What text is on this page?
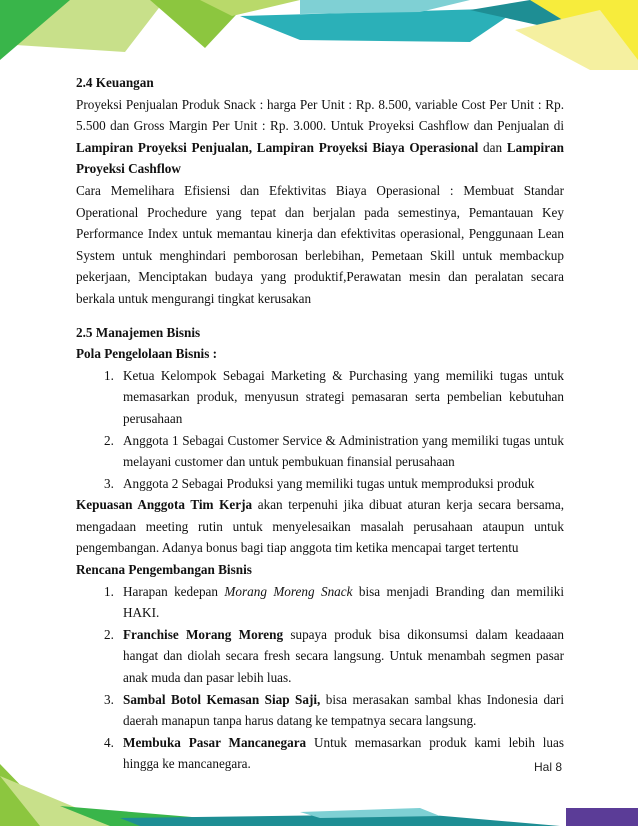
2.4 Keuangan

Proyeksi Penjualan Produk Snack : harga Per Unit : Rp. 8.500, variable Cost Per Unit : Rp. 5.500 dan Gross Margin Per Unit : Rp. 3.000. Untuk Proyeksi Cashflow dan Penjualan di Lampiran Proyeksi Penjualan, Lampiran Proyeksi Biaya Operasional dan Lampiran Proyeksi Cashflow

Cara Memelihara Efisiensi dan Efektivitas Biaya Operasional : Membuat Standar Operational Prochedure yang tepat dan berjalan pada semestinya, Pemantauan Key Performance Index untuk memantau kinerja dan efektivitas operasional, Penggunaan Lean System untuk menghindari pemborosan berlebihan, Pemetaan Skill untuk membackup pekerjaan, Menciptakan budaya yang produktif,Perawatan mesin dan peralatan secara berkala untuk mengurangi tingkat kerusakan

2.5 Manajemen Bisnis

Pola Pengelolaan Bisnis :

1. Ketua Kelompok Sebagai Marketing & Purchasing yang memiliki tugas untuk memasarkan produk, menyusun strategi pemasaran serta pembelian kebutuhan perusahaan
2. Anggota 1 Sebagai Customer Service & Administration yang memiliki tugas untuk melayani customer dan untuk pembukuan finansial perusahaan
3. Anggota 2 Sebagai Produksi yang memiliki tugas untuk memproduksi produk

Kepuasan Anggota Tim Kerja akan terpenuhi jika dibuat aturan kerja secara bersama, mengadaan meeting rutin untuk menyelesaikan masalah perusahaan ataupun untuk pengembangan. Adanya bonus bagi tiap anggota tim ketika mencapai target tertentu

Rencana Pengembangan Bisnis

1. Harapan kedepan Morang Moreng Snack bisa menjadi Branding dan memiliki HAKI.
2. Franchise Morang Moreng supaya produk bisa dikonsumsi dalam keadaaan hangat dan diolah secara fresh secara langsung. Untuk menambah segmen pasar anak muda dan pasar lebih luas.
3. Sambal Botol Kemasan Siap Saji, bisa merasakan sambal khas Indonesia dari daerah manapun tanpa harus datang ke tempatnya secara langsung.
4. Membuka Pasar Mancanegara Untuk memasarkan produk kami lebih luas hingga ke mancanegara.	Hal 8
